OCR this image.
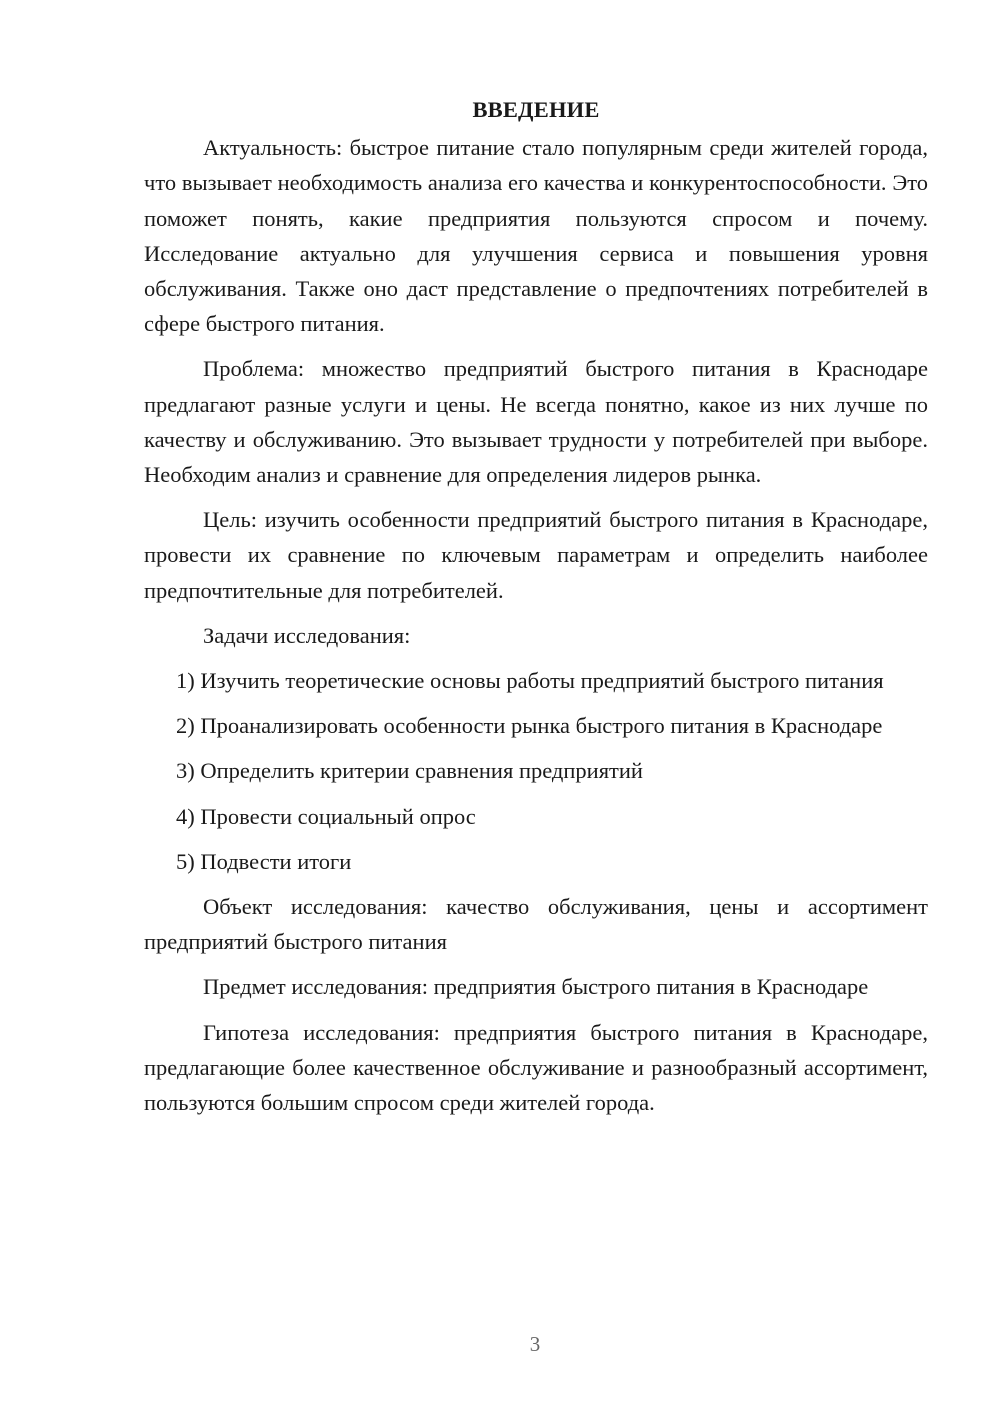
ВВЕДЕНИЕ

Актуальность: быстрое питание стало популярным среди жителей города, что вызывает необходимость анализа его качества и конкурентоспособности. Это поможет понять, какие предприятия пользуются спросом и почему. Исследование актуально для улучшения сервиса и повышения уровня обслуживания. Также оно даст представление о предпочтениях потребителей в сфере быстрого питания.

Проблема: множество предприятий быстрого питания в Краснодаре предлагают разные услуги и цены. Не всегда понятно, какое из них лучше по качеству и обслуживанию. Это вызывает трудности у потребителей при выборе. Необходим анализ и сравнение для определения лидеров рынка.

Цель: изучить особенности предприятий быстрого питания в Краснодаре, провести их сравнение по ключевым параметрам и определить наиболее предпочтительные для потребителей.

Задачи исследования:

1) Изучить теоретические основы работы предприятий быстрого питания

2) Проанализировать особенности рынка быстрого питания в Краснодаре

3) Определить критерии сравнения предприятий

4) Провести социальный опрос

5) Подвести итоги

Объект исследования: качество обслуживания, цены и ассортимент предприятий быстрого питания

Предмет исследования: предприятия быстрого питания в Краснодаре

Гипотеза исследования: предприятия быстрого питания в Краснодаре, предлагающие более качественное обслуживание и разнообразный ассортимент, пользуются большим спросом среди жителей города.

3
